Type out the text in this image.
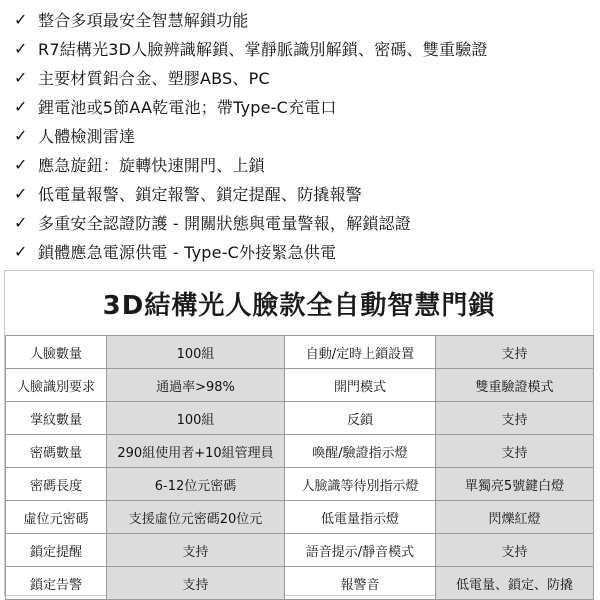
✓ 整合多項最安全智慧解鎖功能
✓ R7結構光3D人臉辨識解鎖、掌靜脈識別解鎖、密碼、雙重驗證
✓ 主要材質鋁合金、塑膠ABS、PC
✓ 鋰電池或5節AA乾電池；帶Type-C充電口
✓ 人體檢測雷達
✓ 應急旋鈕：旋轉快速開門、上鎖
✓ 低電量報警、鎖定報警、鎖定提醒、防撬報警
✓ 多重安全認證防護 - 開關狀態與電量警報，解鎖認證
✓ 鎖體應急電源供電 - Type-C外接緊急供電
3D結構光人臉款全自動智慧門鎖
人臉數量	100組	自動/定時上鎖設置	支持
人臉識別要求	通過率>98%	開門模式	雙重驗證模式
掌紋數量	100組	反鎖	支持
密碼數量	290組使用者+10組管理員	喚醒/驗證指示燈	支持
密碼長度	6-12位元密碼	人臉識等待別指示燈	單獨亮5號鍵白燈
虛位元密碼	支援虛位元密碼20位元	低電量指示燈	閃爍紅燈
鎖定提醒	支持	語音提示/靜音模式	支持
鎖定告警	支持	報警音	低電量、鎖定、防撬
